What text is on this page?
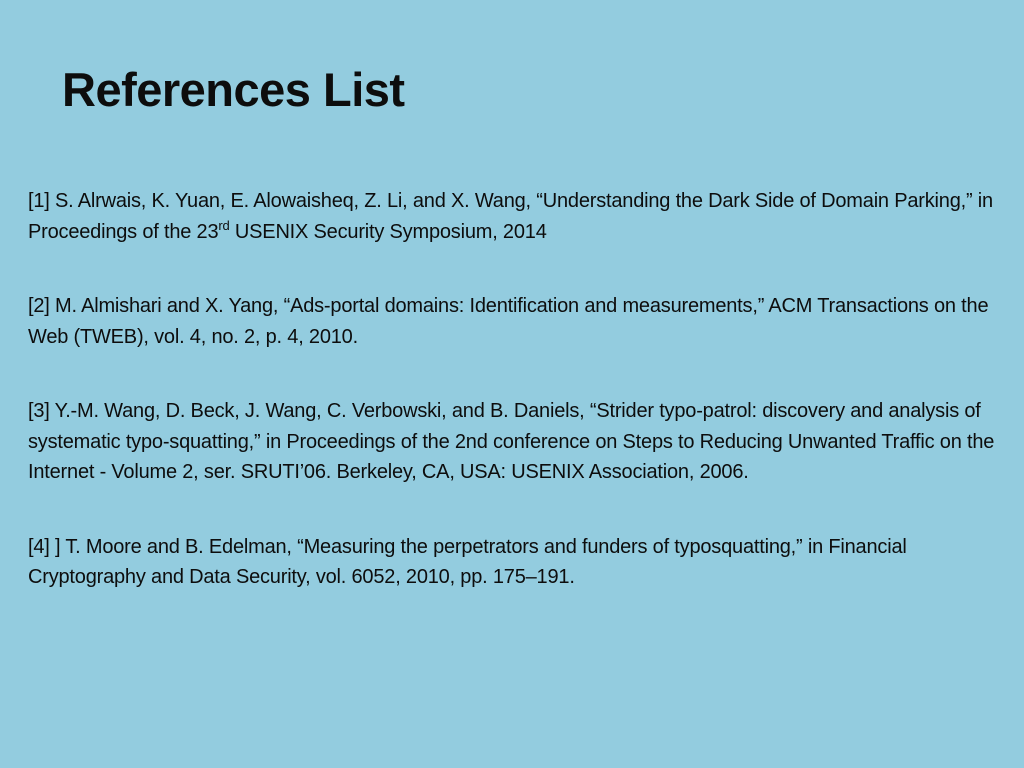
References List
[1] S. Alrwais, K. Yuan, E. Alowaisheq, Z. Li, and X. Wang, “Understanding the Dark Side of Domain Parking,” in Proceedings of the 23rd USENIX Security Symposium, 2014
[2] M. Almishari and X. Yang, “Ads-portal domains: Identification and measurements,” ACM Transactions on the Web (TWEB), vol. 4, no. 2, p. 4, 2010.
[3] Y.-M. Wang, D. Beck, J. Wang, C. Verbowski, and B. Daniels, “Strider typo-patrol: discovery and analysis of systematic typo-squatting,” in Proceedings of the 2nd conference on Steps to Reducing Unwanted Traffic on the Internet - Volume 2, ser. SRUTI’06. Berkeley, CA, USA: USENIX Association, 2006.
[4] ] T. Moore and B. Edelman, “Measuring the perpetrators and funders of typosquatting,” in Financial Cryptography and Data Security, vol. 6052, 2010, pp. 175–191.
